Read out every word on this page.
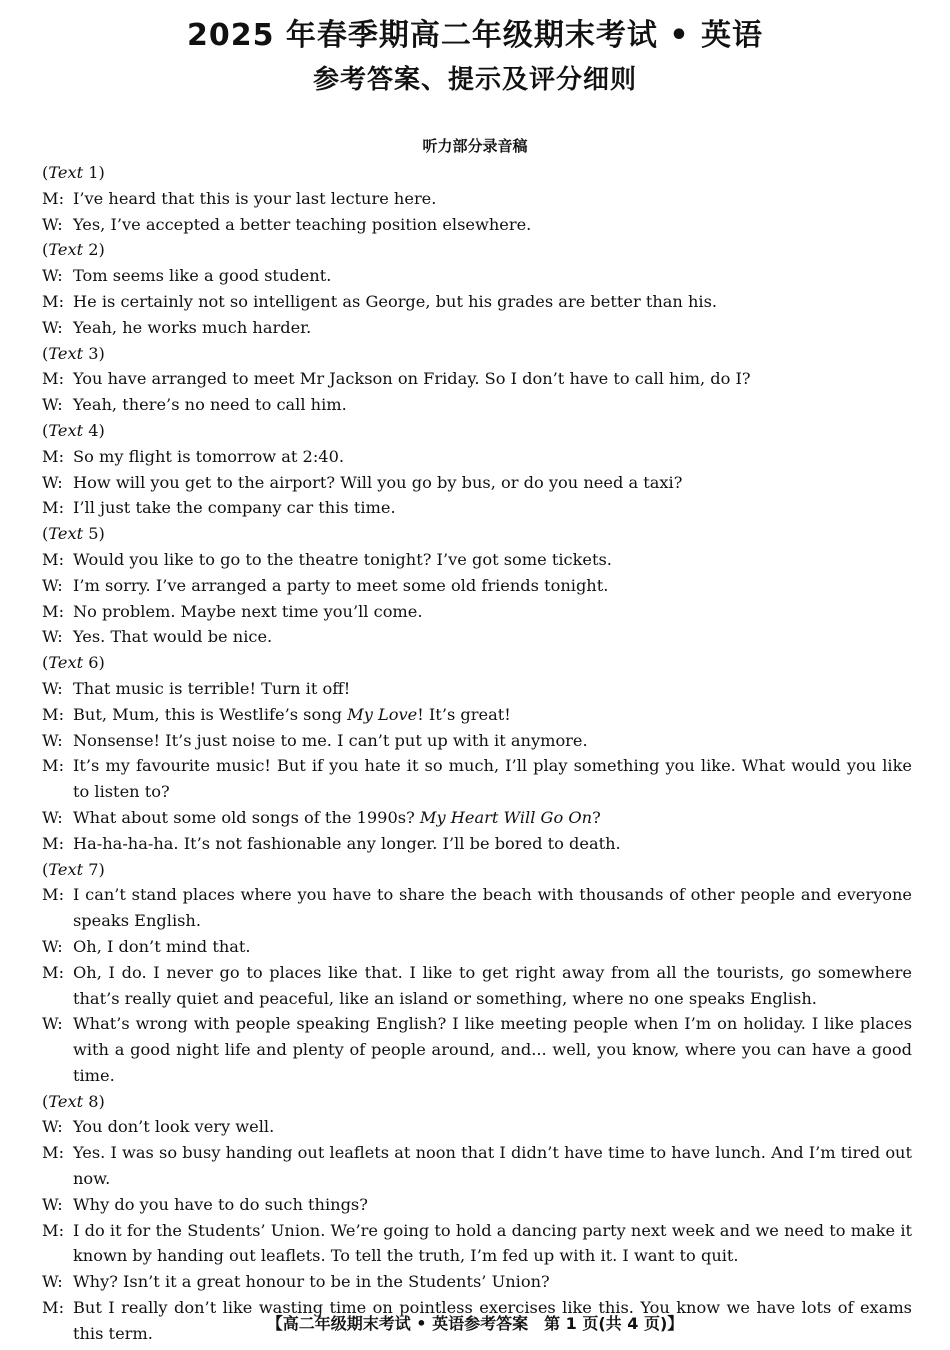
2025 年春季期高二年级期末考试 • 英语
参考答案、提示及评分细则
听力部分录音稿

(Text 1)

M: I’ve heard that this is your last lecture here.

W: Yes, I’ve accepted a better teaching position elsewhere.

(Text 2)

W: Tom seems like a good student.

M: He is certainly not so intelligent as George, but his grades are better than his.

W: Yeah, he works much harder.

(Text 3)

M: You have arranged to meet Mr Jackson on Friday. So I don’t have to call him, do I?

W: Yeah, there’s no need to call him.

(Text 4)

M: So my flight is tomorrow at 2:40.

W: How will you get to the airport? Will you go by bus, or do you need a taxi?

M: I’ll just take the company car this time.

(Text 5)

M: Would you like to go to the theatre tonight? I’ve got some tickets.

W: I’m sorry. I’ve arranged a party to meet some old friends tonight.

M: No problem. Maybe next time you’ll come.

W: Yes. That would be nice.

(Text 6)

W: That music is terrible! Turn it off!

M: But, Mum, this is Westlife’s song My Love! It’s great!

W: Nonsense! It’s just noise to me. I can’t put up with it anymore.

M: It’s my favourite music! But if you hate it so much, I’ll play something you like. What would you like to listen to?

W: What about some old songs of the 1990s? My Heart Will Go On?

M: Ha-ha-ha-ha. It’s not fashionable any longer. I’ll be bored to death.

(Text 7)

M: I can’t stand places where you have to share the beach with thousands of other people and everyone speaks English.

W: Oh, I don’t mind that.

M: Oh, I do. I never go to places like that. I like to get right away from all the tourists, go somewhere that’s really quiet and peaceful, like an island or something, where no one speaks English.

W: What’s wrong with people speaking English? I like meeting people when I’m on holiday. I like places with a good night life and plenty of people around, and... well, you know, where you can have a good time.

(Text 8)

W: You don’t look very well.

M: Yes. I was so busy handing out leaflets at noon that I didn’t have time to have lunch. And I’m tired out now.

W: Why do you have to do such things?

M: I do it for the Students’ Union. We’re going to hold a dancing party next week and we need to make it known by handing out leaflets. To tell the truth, I’m fed up with it. I want to quit.

W: Why? Isn’t it a great honour to be in the Students’ Union?

M: But I really don’t like wasting time on pointless exercises like this. You know we have lots of exams this term.

【高二年级期末考试 • 英语参考答案　第 1 页(共 4 页)】
